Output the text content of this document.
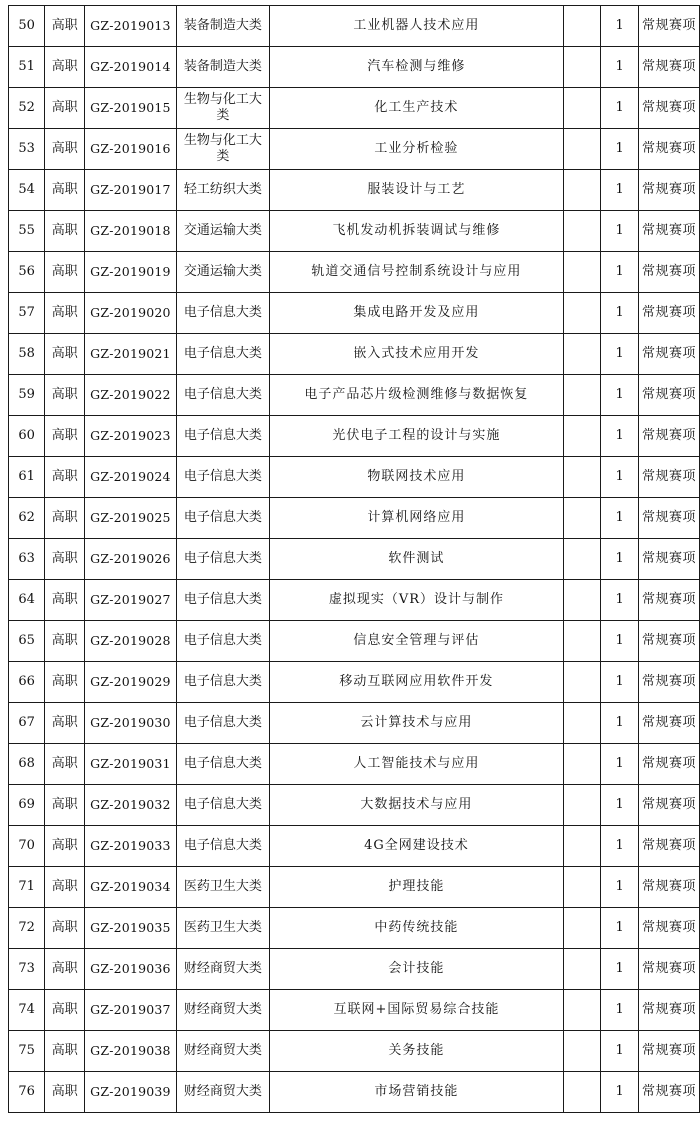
50	高职	GZ-2019013	装备制造大类	工业机器人技术应用		1	常规赛项
51	高职	GZ-2019014	装备制造大类	汽车检测与维修		1	常规赛项
52	高职	GZ-2019015	生物与化工大类	化工生产技术		1	常规赛项
53	高职	GZ-2019016	生物与化工大类	工业分析检验		1	常规赛项
54	高职	GZ-2019017	轻工纺织大类	服装设计与工艺		1	常规赛项
55	高职	GZ-2019018	交通运输大类	飞机发动机拆装调试与维修		1	常规赛项
56	高职	GZ-2019019	交通运输大类	轨道交通信号控制系统设计与应用		1	常规赛项
57	高职	GZ-2019020	电子信息大类	集成电路开发及应用		1	常规赛项
58	高职	GZ-2019021	电子信息大类	嵌入式技术应用开发		1	常规赛项
59	高职	GZ-2019022	电子信息大类	电子产品芯片级检测维修与数据恢复		1	常规赛项
60	高职	GZ-2019023	电子信息大类	光伏电子工程的设计与实施		1	常规赛项
61	高职	GZ-2019024	电子信息大类	物联网技术应用		1	常规赛项
62	高职	GZ-2019025	电子信息大类	计算机网络应用		1	常规赛项
63	高职	GZ-2019026	电子信息大类	软件测试		1	常规赛项
64	高职	GZ-2019027	电子信息大类	虚拟现实（VR）设计与制作		1	常规赛项
65	高职	GZ-2019028	电子信息大类	信息安全管理与评估		1	常规赛项
66	高职	GZ-2019029	电子信息大类	移动互联网应用软件开发		1	常规赛项
67	高职	GZ-2019030	电子信息大类	云计算技术与应用		1	常规赛项
68	高职	GZ-2019031	电子信息大类	人工智能技术与应用		1	常规赛项
69	高职	GZ-2019032	电子信息大类	大数据技术与应用		1	常规赛项
70	高职	GZ-2019033	电子信息大类	4G全网建设技术		1	常规赛项
71	高职	GZ-2019034	医药卫生大类	护理技能		1	常规赛项
72	高职	GZ-2019035	医药卫生大类	中药传统技能		1	常规赛项
73	高职	GZ-2019036	财经商贸大类	会计技能		1	常规赛项
74	高职	GZ-2019037	财经商贸大类	互联网+国际贸易综合技能		1	常规赛项
75	高职	GZ-2019038	财经商贸大类	关务技能		1	常规赛项
76	高职	GZ-2019039	财经商贸大类	市场营销技能		1	常规赛项
